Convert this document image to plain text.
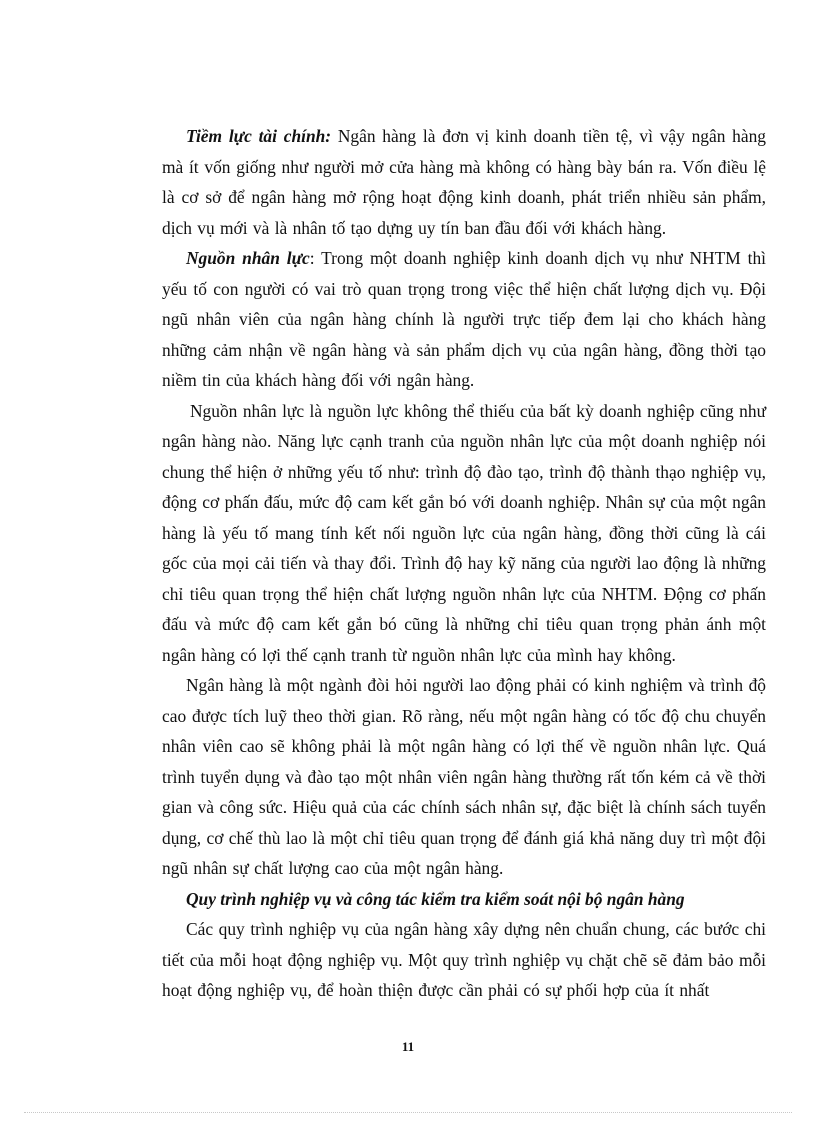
Tiềm lực tài chính: Ngân hàng là đơn vị kinh doanh tiền tệ, vì vậy ngân hàng mà ít vốn giống như người mở cửa hàng mà không có hàng bày bán ra. Vốn điều lệ là cơ sở để ngân hàng mở rộng hoạt động kinh doanh, phát triển nhiều sản phẩm, dịch vụ mới và là nhân tố tạo dựng uy tín ban đầu đối với khách hàng.

Nguồn nhân lực: Trong một doanh nghiệp kinh doanh dịch vụ như NHTM thì yếu tố con người có vai trò quan trọng trong việc thể hiện chất lượng dịch vụ. Đội ngũ nhân viên của ngân hàng chính là người trực tiếp đem lại cho khách hàng những cảm nhận về ngân hàng và sản phẩm dịch vụ của ngân hàng, đồng thời tạo niềm tin của khách hàng đối với ngân hàng.

Nguồn nhân lực là nguồn lực không thể thiếu của bất kỳ doanh nghiệp cũng như ngân hàng nào. Năng lực cạnh tranh của nguồn nhân lực của một doanh nghiệp nói chung thể hiện ở những yếu tố như: trình độ đào tạo, trình độ thành thạo nghiệp vụ, động cơ phấn đấu, mức độ cam kết gắn bó với doanh nghiệp. Nhân sự của một ngân hàng là yếu tố mang tính kết nối nguồn lực của ngân hàng, đồng thời cũng là cái gốc của mọi cải tiến và thay đổi. Trình độ hay kỹ năng của người lao động là những chỉ tiêu quan trọng thể hiện chất lượng nguồn nhân lực của NHTM. Động cơ phấn đấu và mức độ cam kết gắn bó cũng là những chỉ tiêu quan trọng phản ánh một ngân hàng có lợi thế cạnh tranh từ nguồn nhân lực của mình hay không.

Ngân hàng là một ngành đòi hỏi người lao động phải có kinh nghiệm và trình độ cao được tích luỹ theo thời gian. Rõ ràng, nếu một ngân hàng có tốc độ chu chuyển nhân viên cao sẽ không phải là một ngân hàng có lợi thế về nguồn nhân lực. Quá trình tuyển dụng và đào tạo một nhân viên ngân hàng thường rất tốn kém cả về thời gian và công sức. Hiệu quả của các chính sách nhân sự, đặc biệt là chính sách tuyển dụng, cơ chế thù lao là một chỉ tiêu quan trọng để đánh giá khả năng duy trì một đội ngũ nhân sự chất lượng cao của một ngân hàng.

Quy trình nghiệp vụ và công tác kiểm tra kiểm soát nội bộ ngân hàng

Các quy trình nghiệp vụ của ngân hàng xây dựng nên chuẩn chung, các bước chi tiết của mỗi hoạt động nghiệp vụ. Một quy trình nghiệp vụ chặt chẽ sẽ đảm bảo mỗi hoạt động nghiệp vụ, để hoàn thiện được cần phải có sự phối hợp của ít nhất

11
